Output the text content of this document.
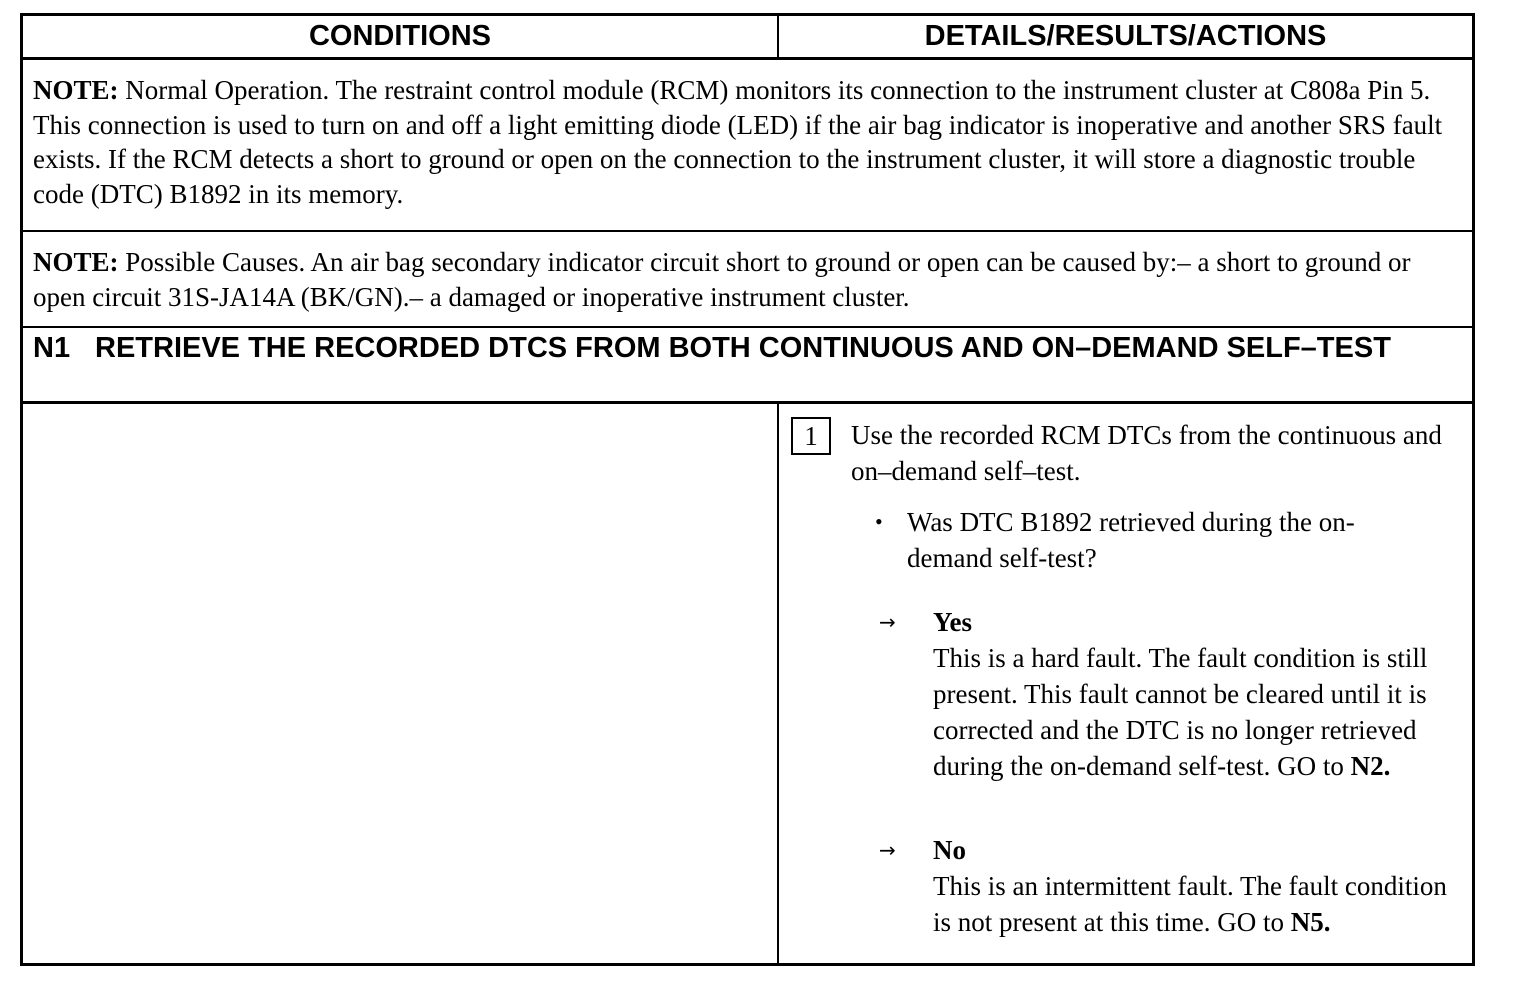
CONDITIONS	DETAILS/RESULTS/ACTIONS
NOTE: Normal Operation. The restraint control module (RCM) monitors its connection to the instrument cluster at C808a Pin 5. This connection is used to turn on and off a light emitting diode (LED) if the air bag indicator is inoperative and another SRS fault exists. If the RCM detects a short to ground or open on the connection to the instrument cluster, it will store a diagnostic trouble code (DTC) B1892 in its memory.
NOTE: Possible Causes. An air bag secondary indicator circuit short to ground or open can be caused by:– a short to ground or open circuit 31S-JA14A (BK/GN).– a damaged or inoperative instrument cluster.
N1 RETRIEVE THE RECORDED DTCS FROM BOTH CONTINUOUS AND ON–DEMAND SELF–TEST
1	Use the recorded RCM DTCs from the continuous and on–demand self–test.
• Was DTC B1892 retrieved during the on-demand self-test?
→ Yes
This is a hard fault. The fault condition is still present. This fault cannot be cleared until it is corrected and the DTC is no longer retrieved during the on-demand self-test. GO to N2.
→ No
This is an intermittent fault. The fault condition is not present at this time. GO to N5.
